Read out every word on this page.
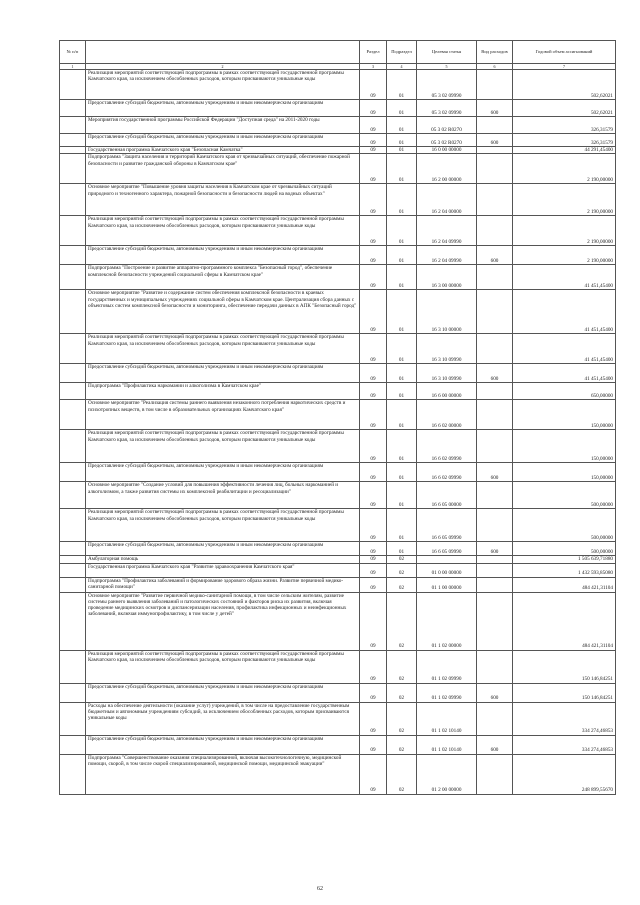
№ п/п		Раздел	Подраздел	Целевая статья	Вид расходов	Годовой объем ассигнований
1	2	3	4	5	6	7
	Реализация мероприятий соответствующей подпрограммы в рамках соответствующей государственной программы Камчатского края, за исключением обособленных расходов, которым присваиваются уникальные коды	09	01	05 3 02 09990		502,62021
	Предоставление субсидий бюджетным, автономным учреждениям и иным некоммерческим организациям	09	01	05 3 02 09990	600	502,62021
	Мероприятия государственной программы Российской Федерации "Доступная среда" на 2011-2020 годы	09	01	05 3 02 R0270		326,31579
	Предоставление субсидий бюджетным, автономным учреждениям и иным некоммерческим организациям	09	01	05 3 02 R0270	600	326,31579
	Государственная программа Камчатского края "Безопасная Камчатка"	09	01	16 0 00 00000		44 291,45400
	Подпрограмма "Защита населения и территорий Камчатского края от чрезвычайных ситуаций, обеспечение пожарной безопасности и развитие гражданской обороны в Камчатском крае"	09	01	16 2 00 00000		2 190,00000
	Основное мероприятие "Повышение уровня защиты населения в Камчатском крае от чрезвычайных ситуаций природного и техногенного характера, пожарной безопасности и безопасности людей на водных объектах"	09	01	16 2 04 00000		2 190,00000
	Реализация мероприятий соответствующей подпрограммы в рамках соответствующей государственной программы Камчатского края, за исключением обособленных расходов, которым присваиваются уникальные коды	09	01	16 2 04 09990		2 190,00000
	Предоставление субсидий бюджетным, автономным учреждениям и иным некоммерческим организациям	09	01	16 2 04 09990	600	2 190,00000
	Подпрограмма "Построение и развитие аппаратно-программного комплекса "Безопасный город", обеспечение комплексной безопасности учреждений социальной сферы в Камчатском крае"	09	01	16 3 00 00000		41 451,45400
	Основное мероприятие "Развитие и содержание систем обеспечения комплексной безопасности в краевых государственных и муниципальных учреждениях социальной сферы в Камчатском крае. Централизация сбора данных с объектовых систем комплексной безопасности и мониторинга, обеспечение передачи данных в АПК "Безопасный город"	09	01	16 3 10 00000		41 451,45400
	Реализация мероприятий соответствующей подпрограммы в рамках соответствующей государственной программы Камчатского края, за исключением обособленных расходов, которым присваиваются уникальные коды	09	01	16 3 10 09990		41 451,45400
	Предоставление субсидий бюджетным, автономным учреждениям и иным некоммерческим организациям	09	01	16 3 10 09990	600	41 451,45400
	Подпрограмма "Профилактика наркомании и алкоголизма в Камчатском крае"	09	01	16 6 00 00000		650,00000
	Основное мероприятие "Реализация системы раннего выявления незаконного потребления наркотических средств и психотропных веществ, в том числе в образовательных организациях Камчатского края"	09	01	16 6 02 00000		150,00000
	Реализация мероприятий соответствующей подпрограммы в рамках соответствующей государственной программы Камчатского края, за исключением обособленных расходов, которым присваиваются уникальные коды	09	01	16 6 02 09990		150,00000
	Предоставление субсидий бюджетным, автономным учреждениям и иным некоммерческим организациям	09	01	16 6 02 09990	600	150,00000
	Основное мероприятие "Создание условий для повышения эффективности лечения лиц, больных наркоманией и алкоголизмом, а также развития системы их комплексной реабилитации и ресоциализации"	09	01	16 6 05 00000		500,00000
	Реализация мероприятий соответствующей подпрограммы в рамках соответствующей государственной программы Камчатского края, за исключением обособленных расходов, которым присваиваются уникальные коды	09	01	16 6 05 09990		500,00000
	Предоставление субсидий бюджетным, автономным учреждениям и иным некоммерческим организациям	09	01	16 6 05 09990	600	500,00000
	Амбулаторная помощь	09	02			1 505 639,71880
	Государственная программа Камчатского края "Развитие здравоохранения Камчатского края"	09	02	01 0 00 00000		1 432 593,85080
	Подпрограмма "Профилактика заболеваний и формирование здорового образа жизни. Развитие первичной медико-санитарной помощи"	09	02	01 1 00 00000		484 421,31104
	Основное мероприятие "Развитие первичной медико-санитарной помощи, в том числе сельским жителям, развитие системы раннего выявления заболеваний и патологических состояний и факторов риска их развития, включая проведение медицинских осмотров и диспансеризации населения, профилактика инфекционных и неинфекционных заболеваний, включая иммунопрофилактику, в том числе у детей"	09	02	01 1 02 00000		484 421,31104
	Реализация мероприятий соответствующей подпрограммы в рамках соответствующей государственной программы Камчатского края, за исключением обособленных расходов, которым присваиваются уникальные коды	09	02	01 1 02 09990		150 146,84251
	Предоставление субсидий бюджетным, автономным учреждениям и иным некоммерческим организациям	09	02	01 1 02 09990	600	150 146,84251
	Расходы на обеспечение деятельности (оказание услуг) учреждений, в том числе на предоставление государственным бюджетным и автономным учреждениям субсидий, за исключением обособленных расходов, которым присваиваются уникальные коды	09	02	01 1 02 10140		334 274,46853
	Предоставление субсидий бюджетным, автономным учреждениям и иным некоммерческим организациям	09	02	01 1 02 10140	600	334 274,46853
	Подпрограмма "Совершенствование оказания специализированной, включая высокотехнологичную, медицинской помощи, скорой, в том числе скорой специализированной, медицинской помощи, медицинской эвакуации"	09	02	01 2 00 00000		248 899,55670
62
